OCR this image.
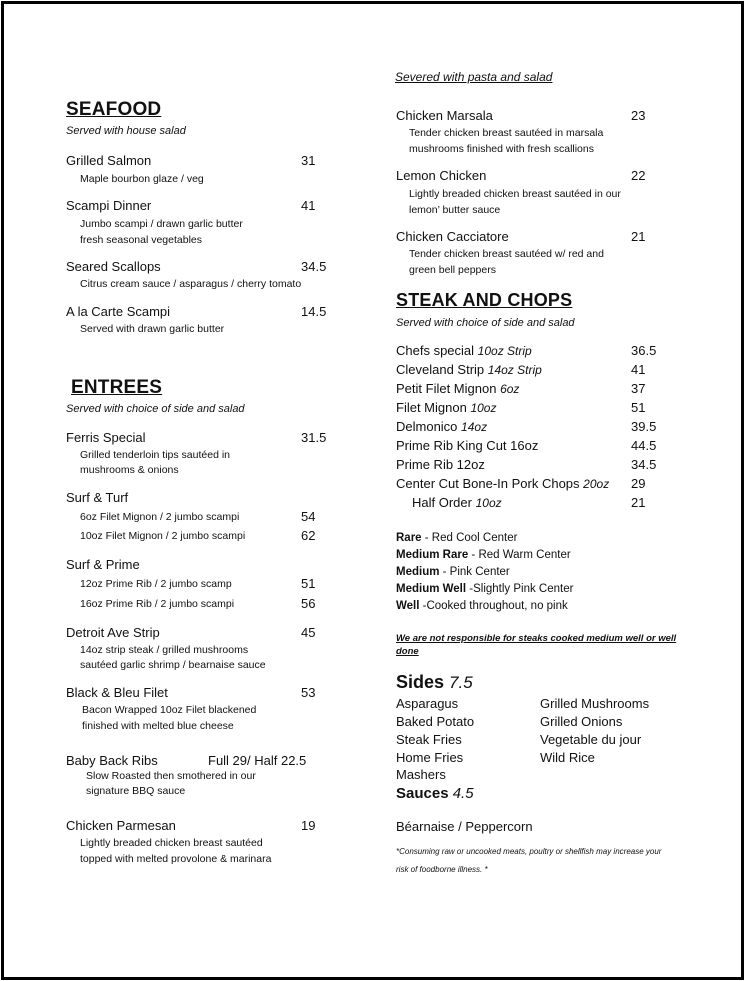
SEAFOOD
Served with house salad
Grilled Salmon	31
Maple bourbon glaze / veg
Scampi Dinner	41
Jumbo scampi / drawn garlic butter
fresh seasonal vegetables
Seared Scallops	34.5
Citrus cream sauce / asparagus / cherry tomato
A la Carte Scampi	14.5
Served with drawn garlic butter
ENTREES
Served with choice of side and salad
Ferris Special	31.5
Grilled tenderloin tips sautéed in
mushrooms & onions
Surf & Turf
6oz Filet Mignon / 2 jumbo scampi	54
10oz Filet Mignon / 2 jumbo scampi	62
Surf & Prime
12oz Prime Rib / 2 jumbo scamp	51
16oz Prime Rib / 2 jumbo scampi	56
Detroit Ave Strip	45
14oz strip steak / grilled mushrooms
sautéed garlic shrimp / bearnaise sauce
Black & Bleu Filet	53
Bacon Wrapped 10oz Filet blackened
finished with melted blue cheese
Baby Back Ribs	Full 29/ Half 22.5
Slow Roasted then smothered in our
signature BBQ sauce
Chicken Parmesan	19
Lightly breaded chicken breast sautéed
topped with melted provolone & marinara
Severed with pasta and salad
Chicken Marsala	23
Tender chicken breast sautéed in marsala
mushrooms finished with fresh scallions
Lemon Chicken	22
Lightly breaded chicken breast sautéed in our
lemon’ butter sauce
Chicken Cacciatore	21
Tender chicken breast sautéed w/ red and
green bell peppers
STEAK AND CHOPS
Served with choice of side and salad
Chefs special 10oz Strip	36.5
Cleveland Strip 14oz Strip	41
Petit Filet Mignon 6oz	37
Filet Mignon 10oz	51
Delmonico 14oz	39.5
Prime Rib King Cut 16oz	44.5
Prime Rib 12oz	34.5
Center Cut Bone-In Pork Chops 20oz 29
Half Order 10oz	21
Rare - Red Cool Center
Medium Rare - Red Warm Center
Medium - Pink Center
Medium Well -Slightly Pink Center
Well -Cooked throughout, no pink
We are not responsible for steaks cooked medium well or well done
Sides 7.5
Asparagus
Baked Potato
Steak Fries
Home Fries
Mashers
Grilled Mushrooms
Grilled Onions
Vegetable du jour
Wild Rice
Sauces 4.5
Béarnaise / Peppercorn
*Consuming raw or uncooked meats, poultry or shellfish may increase your
risk of foodborne illness. *
